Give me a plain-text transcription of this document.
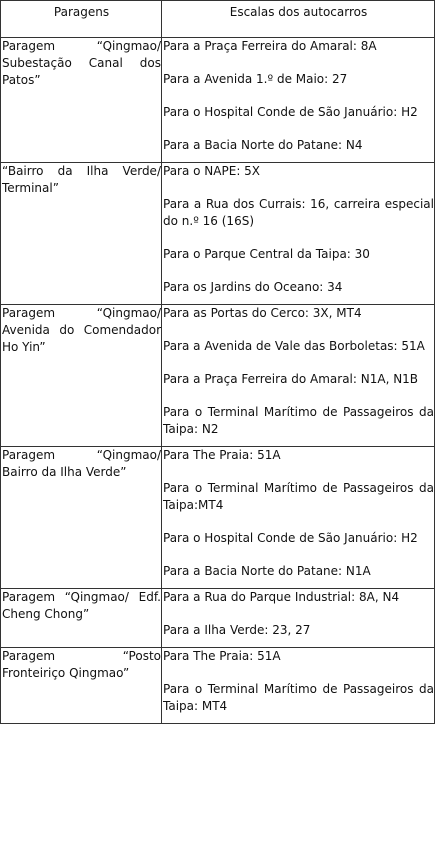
Paragens	Escalas dos autocarros
Paragem “Qingmao/ Subestação Canal dos Patos”	Para a Praça Ferreira do Amaral: 8A
Para a Avenida 1.º de Maio: 27
Para o Hospital Conde de São Januário: H2
Para a Bacia Norte do Patane: N4

“Bairro da Ilha Verde/ Terminal”	Para o NAPE: 5X
Para a Rua dos Currais: 16, carreira especial do n.º 16 (16S)
Para o Parque Central da Taipa: 30
Para os Jardins do Oceano: 34

Paragem “Qingmao/ Avenida do Comendador Ho Yin”	Para as Portas do Cerco: 3X, MT4
Para a Avenida de Vale das Borboletas: 51A
Para a Praça Ferreira do Amaral: N1A, N1B
Para o Terminal Marítimo de Passageiros da Taipa: N2

Paragem “Qingmao/ Bairro da Ilha Verde”	Para The Praia: 51A
Para o Terminal Marítimo de Passageiros da Taipa:MT4
Para o Hospital Conde de São Januário: H2
Para a Bacia Norte do Patane: N1A

Paragem “Qingmao/ Edf. Cheng Chong”	Para a Rua do Parque Industrial: 8A, N4
Para a Ilha Verde: 23, 27

Paragem “Posto Fronteiriço Qingmao”	Para The Praia: 51A
Para o Terminal Marítimo de Passageiros da Taipa: MT4
